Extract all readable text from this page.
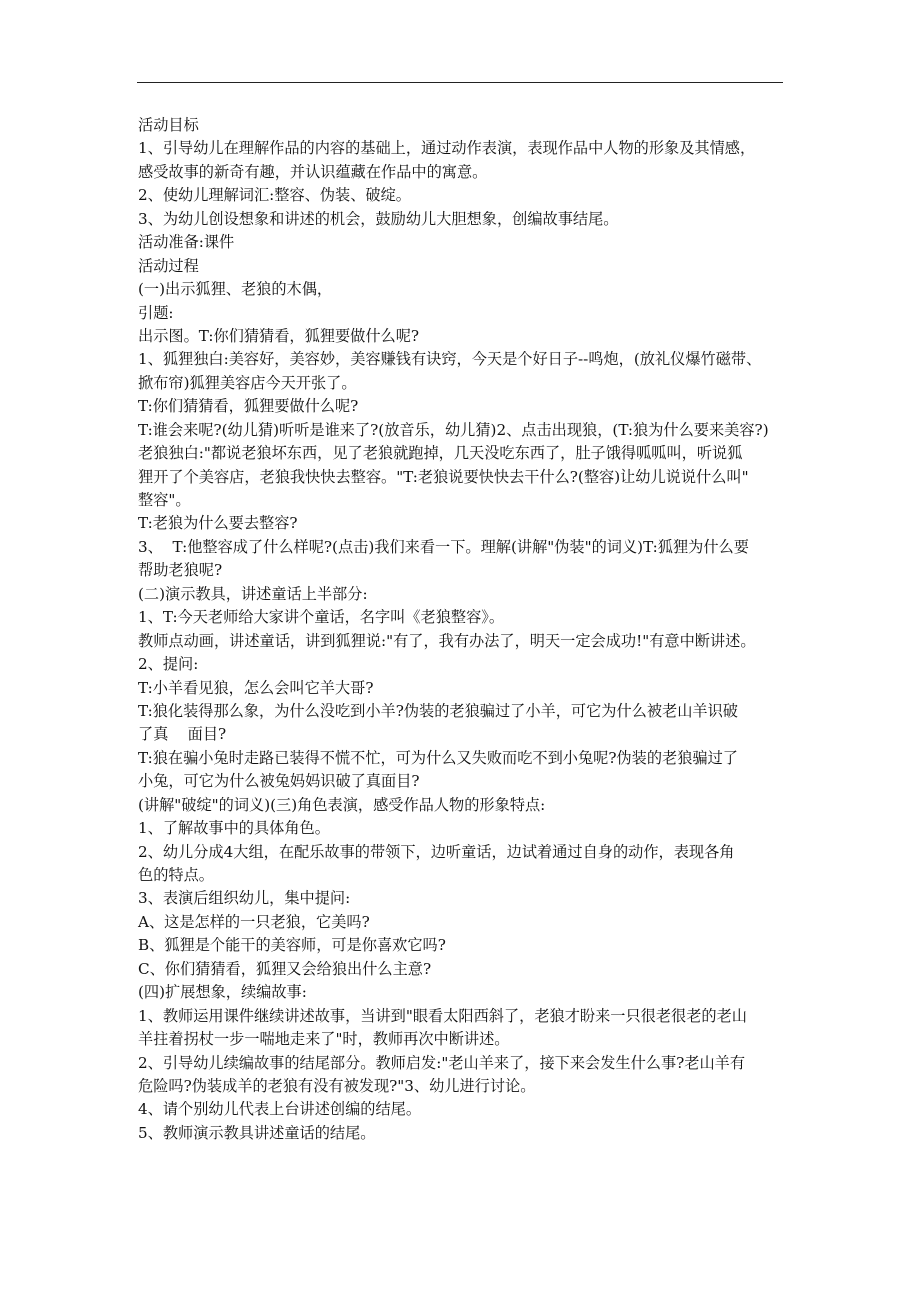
活动目标
1、引导幼儿在理解作品的内容的基础上，通过动作表演，表现作品中人物的形象及其情感，
感受故事的新奇有趣，并认识蕴藏在作品中的寓意。
2、使幼儿理解词汇:整容、伪装、破绽。
3、为幼儿创设想象和讲述的机会，鼓励幼儿大胆想象，创编故事结尾。
活动准备:课件
活动过程
(一)出示狐狸、老狼的木偶，
引题:
出示图。T:你们猜猜看，狐狸要做什么呢?
1、狐狸独白:美容好，美容妙，美容赚钱有诀窍，今天是个好日子--鸣炮，(放礼仪爆竹磁带、
掀布帘)狐狸美容店今天开张了。
T:你们猜猜看，狐狸要做什么呢?
T:谁会来呢?(幼儿猜)听听是谁来了?(放音乐，幼儿猜)2、点击出现狼，(T:狼为什么要来美容?)
老狼独白:"都说老狼坏东西，见了老狼就跑掉，几天没吃东西了，肚子饿得呱呱叫，听说狐
狸开了个美容店，老狼我快快去整容。"T:老狼说要快快去干什么?(整容)让幼儿说说什么叫"
整容"。
T:老狼为什么要去整容?
3、  T:他整容成了什么样呢?(点击)我们来看一下。理解(讲解"伪装"的词义)T:狐狸为什么要
帮助老狼呢?
(二)演示教具，讲述童话上半部分:
1、T:今天老师给大家讲个童话，名字叫《老狼整容》。
教师点动画，讲述童话，讲到狐狸说:"有了，我有办法了，明天一定会成功!"有意中断讲述。
2、提问:
T:小羊看见狼，怎么会叫它羊大哥?
T:狼化装得那么象，为什么没吃到小羊?伪装的老狼骗过了小羊，可它为什么被老山羊识破
了真    面目?
T:狼在骗小兔时走路已装得不慌不忙，可为什么又失败而吃不到小兔呢?伪装的老狼骗过了
小兔，可它为什么被兔妈妈识破了真面目?
(讲解"破绽"的词义)(三)角色表演，感受作品人物的形象特点:
1、了解故事中的具体角色。
2、幼儿分成4大组，在配乐故事的带领下，边听童话，边试着通过自身的动作，表现各角
色的特点。
3、表演后组织幼儿，集中提问:
A、这是怎样的一只老狼，它美吗?
B、狐狸是个能干的美容师，可是你喜欢它吗?
C、你们猜猜看，狐狸又会给狼出什么主意?
(四)扩展想象，续编故事:
1、教师运用课件继续讲述故事，当讲到"眼看太阳西斜了，老狼才盼来一只很老很老的老山
羊拄着拐杖一步一喘地走来了"时，教师再次中断讲述。
2、引导幼儿续编故事的结尾部分。教师启发:"老山羊来了，接下来会发生什么事?老山羊有
危险吗?伪装成羊的老狼有没有被发现?"3、幼儿进行讨论。
4、请个别幼儿代表上台讲述创编的结尾。
5、教师演示教具讲述童话的结尾。
